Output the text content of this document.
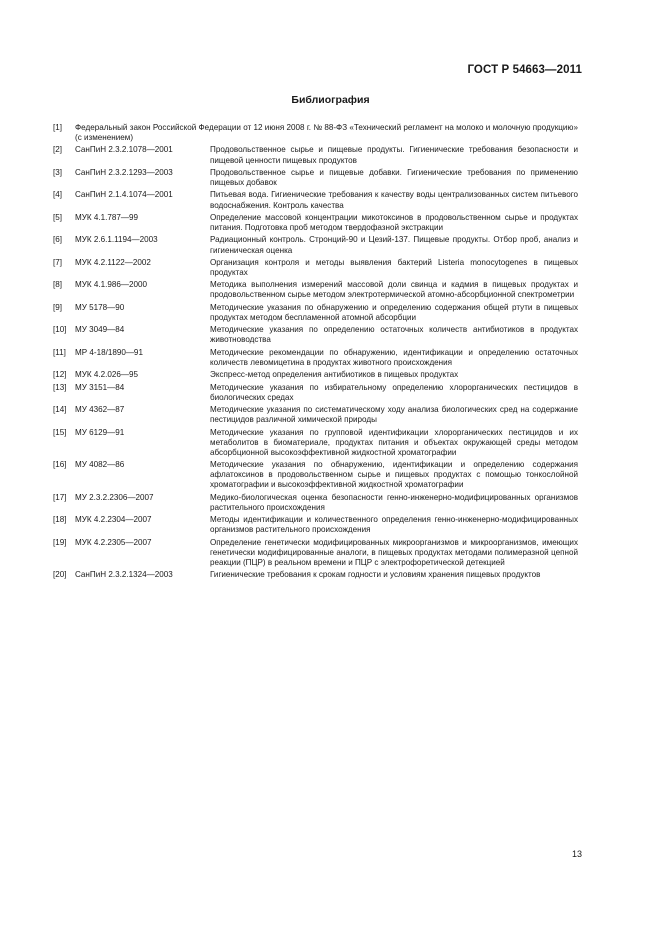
ГОСТ Р 54663—2011
Библиография
[1] Федеральный закон Российской Федерации от 12 июня 2008 г. № 88-ФЗ «Технический регламент на молоко и молочную продукцию» (с изменением)
[2] СанПиН 2.3.2.1078—2001	Продовольственное сырье и пищевые продукты. Гигиенические требования безопасности и пищевой ценности пищевых продуктов
[3] СанПиН 2.3.2.1293—2003	Продовольственное сырье и пищевые добавки. Гигиенические требования по применению пищевых добавок
[4] СанПиН 2.1.4.1074—2001	Питьевая вода. Гигиенические требования к качеству воды централизованных систем питьевого водоснабжения. Контроль качества
[5] МУК 4.1.787—99	Определение массовой концентрации микотоксинов в продовольственном сырье и продуктах питания. Подготовка проб методом твердофазной экстракции
[6] МУК 2.6.1.1194—2003	Радиационный контроль. Стронций-90 и Цезий-137. Пищевые продукты. Отбор проб, анализ и гигиеническая оценка
[7] МУК 4.2.1122—2002	Организация контроля и методы выявления бактерий Listeria monocytogenes в пищевых продуктах
[8] МУК 4.1.986—2000	Методика выполнения измерений массовой доли свинца и кадмия в пищевых продуктах и продовольственном сырье методом электротермической атомно-абсорбционной спектрометрии
[9] МУ 5178—90	Методические указания по обнаружению и определению содержания общей ртути в пищевых продуктах методом беспламенной атомной абсорбции
[10] МУ 3049—84	Методические указания по определению остаточных количеств антибиотиков в продуктах животноводства
[11] МР 4-18/1890—91	Методические рекомендации по обнаружению, идентификации и определению остаточных количеств левомицетина в продуктах животного происхождения
[12] МУК 4.2.026—95	Экспресс-метод определения антибиотиков в пищевых продуктах
[13] МУ 3151—84	Методические указания по избирательному определению хлорорганических пестицидов в биологических средах
[14] МУ 4362—87	Методические указания по систематическому ходу анализа биологических сред на содержание пестицидов различной химической природы
[15] МУ 6129—91	Методические указания по групповой идентификации хлорорганических пестицидов и их метаболитов в биоматериале, продуктах питания и объектах окружающей среды методом абсорбционной высокоэффективной жидкостной хроматографии
[16] МУ 4082—86	Методические указания по обнаружению, идентификации и определению содержания афлатоксинов в продовольственном сырье и пищевых продуктах с помощью тонкослойной хроматографии и высокоэффективной жидкостной хроматографии
[17] МУ 2.3.2.2306—2007	Медико-биологическая оценка безопасности генно-инженерно-модифицированных организмов растительного происхождения
[18] МУК 4.2.2304—2007	Методы идентификации и количественного определения генно-инженерно-модифицированных организмов растительного происхождения
[19] МУК 4.2.2305—2007	Определение генетически модифицированных микроорганизмов и микроорганизмов, имеющих генетически модифицированные аналоги, в пищевых продуктах методами полимеразной цепной реакции (ПЦР) в реальном времени и ПЦР с электрофоретической детекцией
[20] СанПиН 2.3.2.1324—2003	Гигиенические требования к срокам годности и условиям хранения пищевых продуктов
13
